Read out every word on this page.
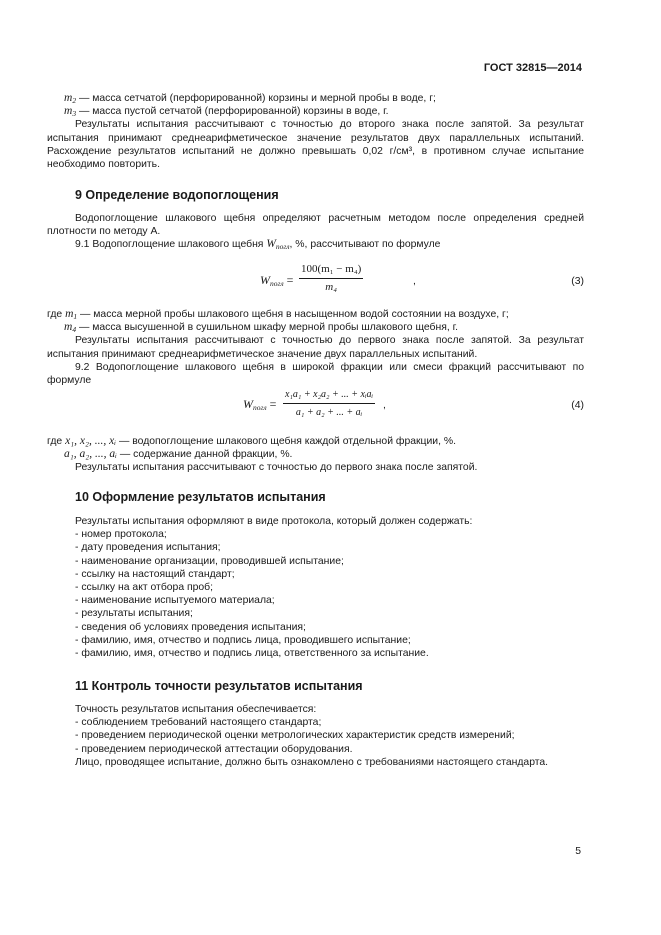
ГОСТ 32815—2014

$m_2$ — масса сетчатой (перфорированной) корзины и мерной пробы в воде, г;

$m_3$ — масса пустой сетчатой (перфорированной) корзины в воде, г.

Результаты испытания рассчитывают с точностью до второго знака после запятой. За результат испытания принимают среднеарифметическое значение результатов двух параллельных испытаний. Расхождение результатов испытаний не должно превышать 0,02 г/см³, в противном случае испытание необходимо повторить.

9 Определение водопоглощения

Водопоглощение шлакового щебня определяют расчетным методом после определения средней плотности по методу А.

9.1 Водопоглощение шлакового щебня $W_{погл}$, %, рассчитывают по формуле

$W_{погл} = \frac{\text{100(m₁ − m₄)}}{\text{m₄}}$	,	(3)

где $m_1$ — масса мерной пробы шлакового щебня в насыщенном водой состоянии на воздухе, г;

$m_4$ — масса высушенной в сушильном шкафу мерной пробы шлакового щебня, г.

Результаты испытания рассчитывают с точностью до первого знака после запятой. За результат испытания принимают среднеарифметическое значение двух параллельных испытаний.

9.2 Водопоглощение шлакового щебня в широкой фракции или смеси фракций рассчитывают по формуле

$W_{погл}$ =
x₁a₁ + x₂a₂ + ... + xᵢaᵢ
a₁ + a₂ + ... + aᵢ
,	(4)

где x₁, x₂, ..., xᵢ — водопоглощение шлакового щебня каждой отдельной фракции, %.

a₁, a₂, ..., aᵢ — содержание данной фракции, %.

Результаты испытания рассчитывают с точностью до первого знака после запятой.

10 Оформление результатов испытания

Результаты испытания оформляют в виде протокола, который должен содержать:

- номер протокола;

- дату проведения испытания;

- наименование организации, проводившей испытание;

- ссылку на настоящий стандарт;

- ссылку на акт отбора проб;

- наименование испытуемого материала;

- результаты испытания;

- сведения об условиях проведения испытания;

- фамилию, имя, отчество и подпись лица, проводившего испытание;

- фамилию, имя, отчество и подпись лица, ответственного за испытание.

11 Контроль точности результатов испытания

Точность результатов испытания обеспечивается:

- соблюдением требований настоящего стандарта;

- проведением периодической оценки метрологических характеристик средств измерений;

- проведением периодической аттестации оборудования.

Лицо, проводящее испытание, должно быть ознакомлено с требованиями настоящего стандарта.

5
